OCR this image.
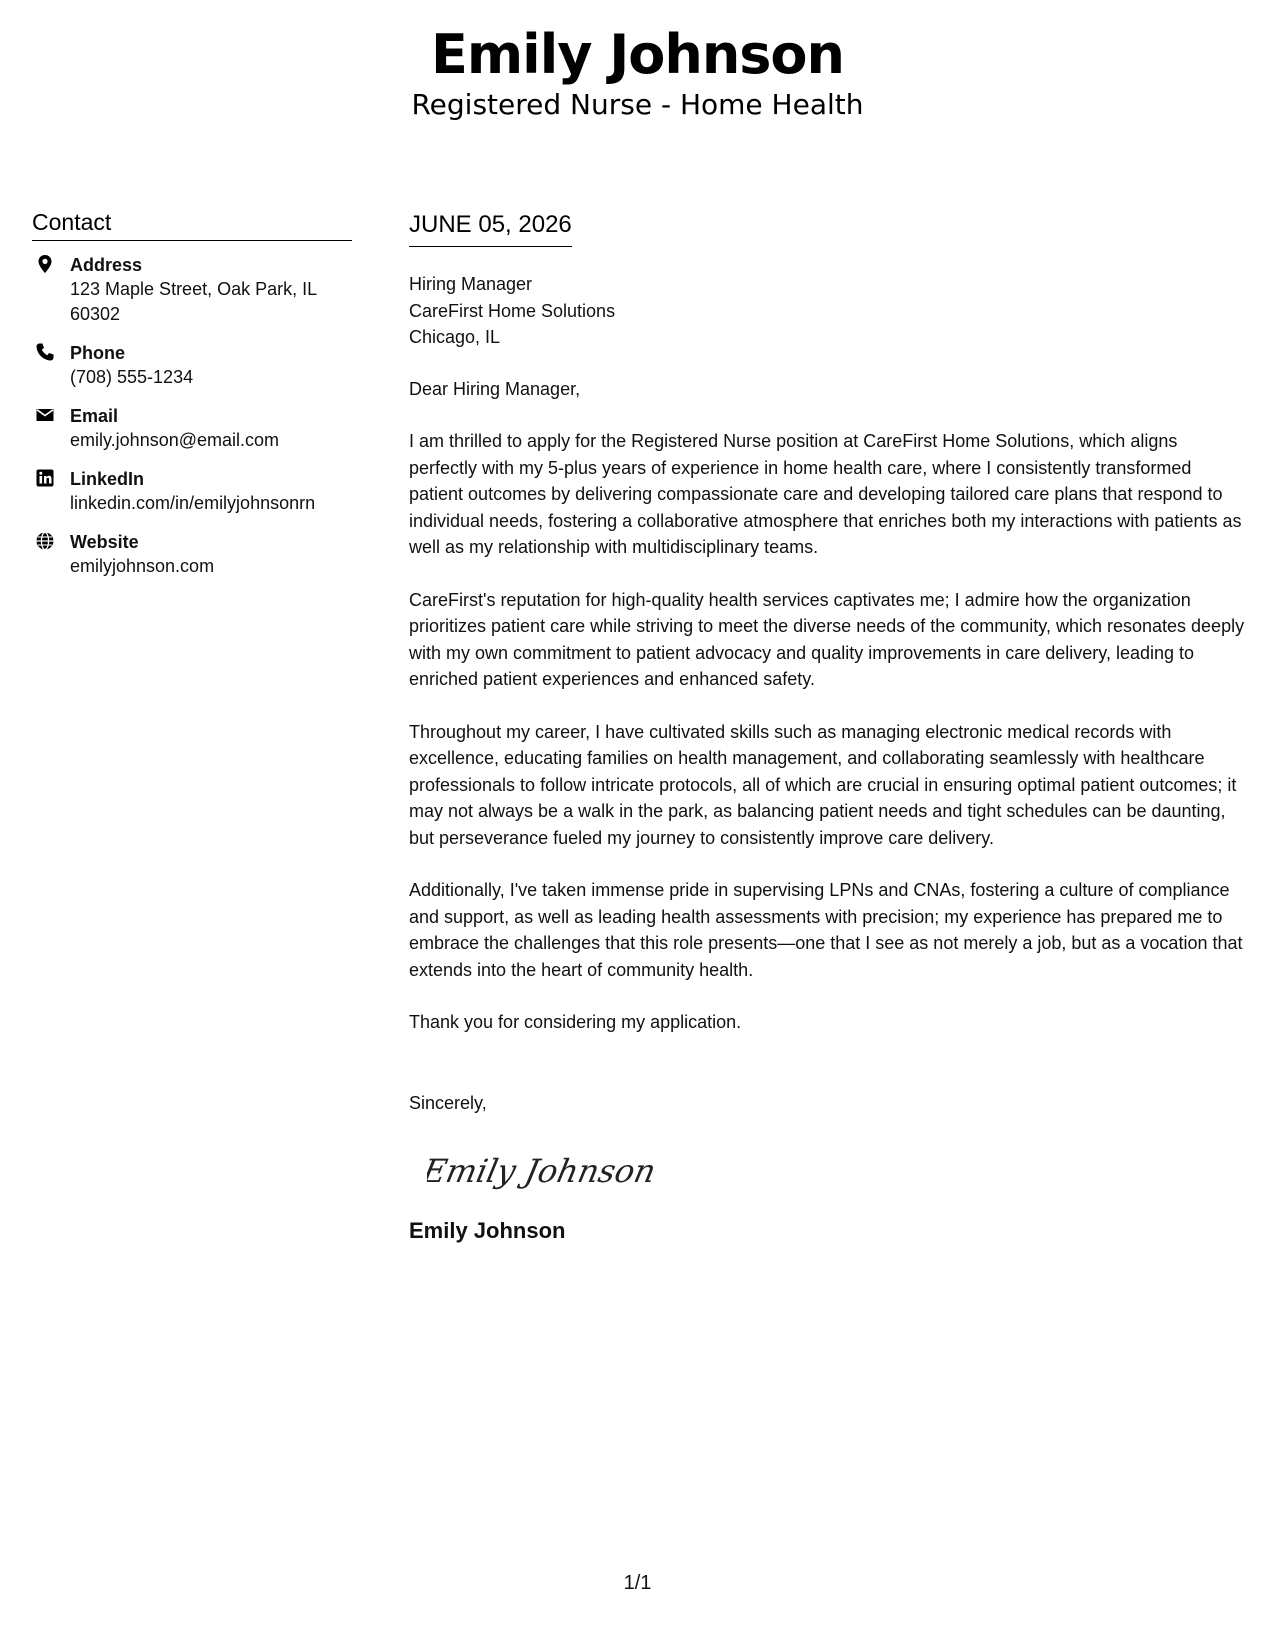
Emily Johnson
Registered Nurse - Home Health
Contact
Address
123 Maple Street, Oak Park, IL 60302
Phone
(708) 555-1234
Email
emily.johnson@email.com
LinkedIn
linkedin.com/in/emilyjohnsonrn
Website
emilyjohnson.com
JUNE 05, 2026
Hiring Manager
CareFirst Home Solutions
Chicago, IL
Dear Hiring Manager,
I am thrilled to apply for the Registered Nurse position at CareFirst Home Solutions, which aligns perfectly with my 5-plus years of experience in home health care, where I consistently transformed patient outcomes by delivering compassionate care and developing tailored care plans that respond to individual needs, fostering a collaborative atmosphere that enriches both my interactions with patients as well as my relationship with multidisciplinary teams.
CareFirst's reputation for high-quality health services captivates me; I admire how the organization prioritizes patient care while striving to meet the diverse needs of the community, which resonates deeply with my own commitment to patient advocacy and quality improvements in care delivery, leading to enriched patient experiences and enhanced safety.
Throughout my career, I have cultivated skills such as managing electronic medical records with excellence, educating families on health management, and collaborating seamlessly with healthcare professionals to follow intricate protocols, all of which are crucial in ensuring optimal patient outcomes; it may not always be a walk in the park, as balancing patient needs and tight schedules can be daunting, but perseverance fueled my journey to consistently improve care delivery.
Additionally, I've taken immense pride in supervising LPNs and CNAs, fostering a culture of compliance and support, as well as leading health assessments with precision; my experience has prepared me to embrace the challenges that this role presents—one that I see as not merely a job, but as a vocation that extends into the heart of community health.
Thank you for considering my application.
Sincerely,
Emily Johnson
Emily Johnson
1/1
